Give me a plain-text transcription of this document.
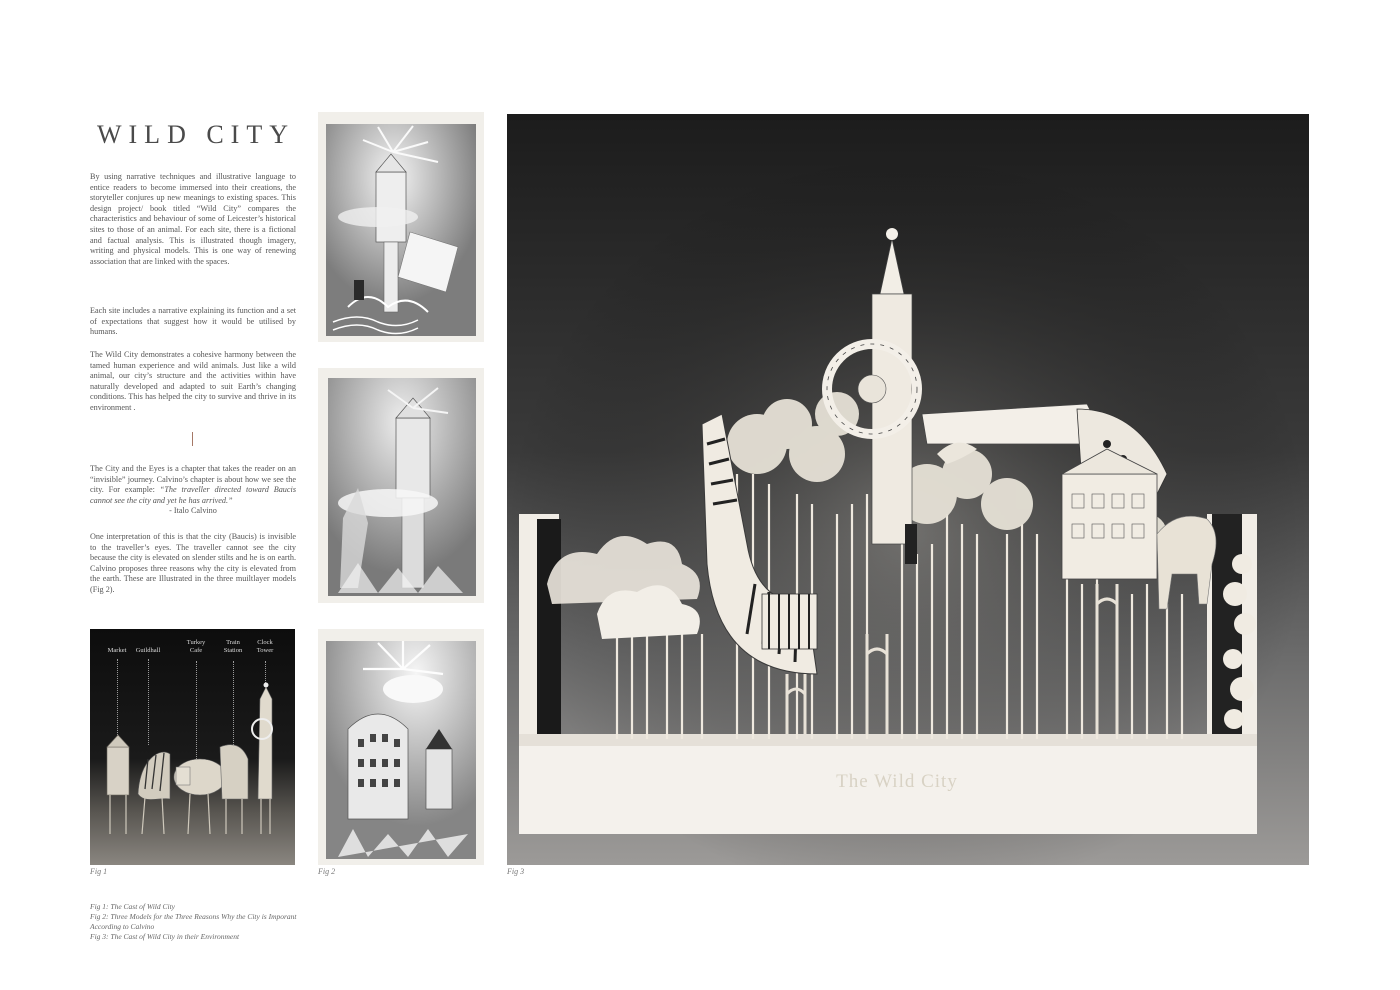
WILD CITY

By using narrative techniques and illustrative language to entice readers to become immersed into their creations, the storyteller conjures up new meanings to existing spaces. This design project/ book titled “Wild City” compares the characteristics and behaviour of some of Leicester’s historical sites to those of an animal. For each site, there is a fictional and factual analysis. This is illustrated though imagery, writing and physical models. This is one way of renewing association that are linked with the spaces.

Each site includes a narrative explaining its function and a set of expectations that suggest how it would be utilised by humans.

The Wild City demonstrates a cohesive harmony between the tamed human experience and wild animals. Just like a wild animal, our city’s structure and the activities within have naturally developed and adapted to suit Earth’s changing conditions. This has helped the city to survive and thrive in its environment .

The City and the Eyes is a chapter that takes the reader on an “invisible” journey. Calvino’s chapter is about how we see the city. For example: “The traveller directed toward Baucis cannot see the city and yet he has arrived.”

- Italo Calvino

One interpretation of this is that the city (Baucis) is invisible to the traveller’s eyes. The traveller cannot see the city because the city is elevated on slender stilts and he is on earth. Calvino proposes three reasons why the city is elevated from the earth. These are Illustrated in the three muiltlayer models (Fig 2).

Market	Guildhall
Turkey Cafe
Train Station
Clock Tower
The Wild City
Fig 1	Fig 2	Fig 3
Fig 1: The Cast of Wild City
Fig 2: Three Models for the Three Reasons Why the City is Imporant According to Calvino
Fig 3: The Cast of Wild City in their Environment
